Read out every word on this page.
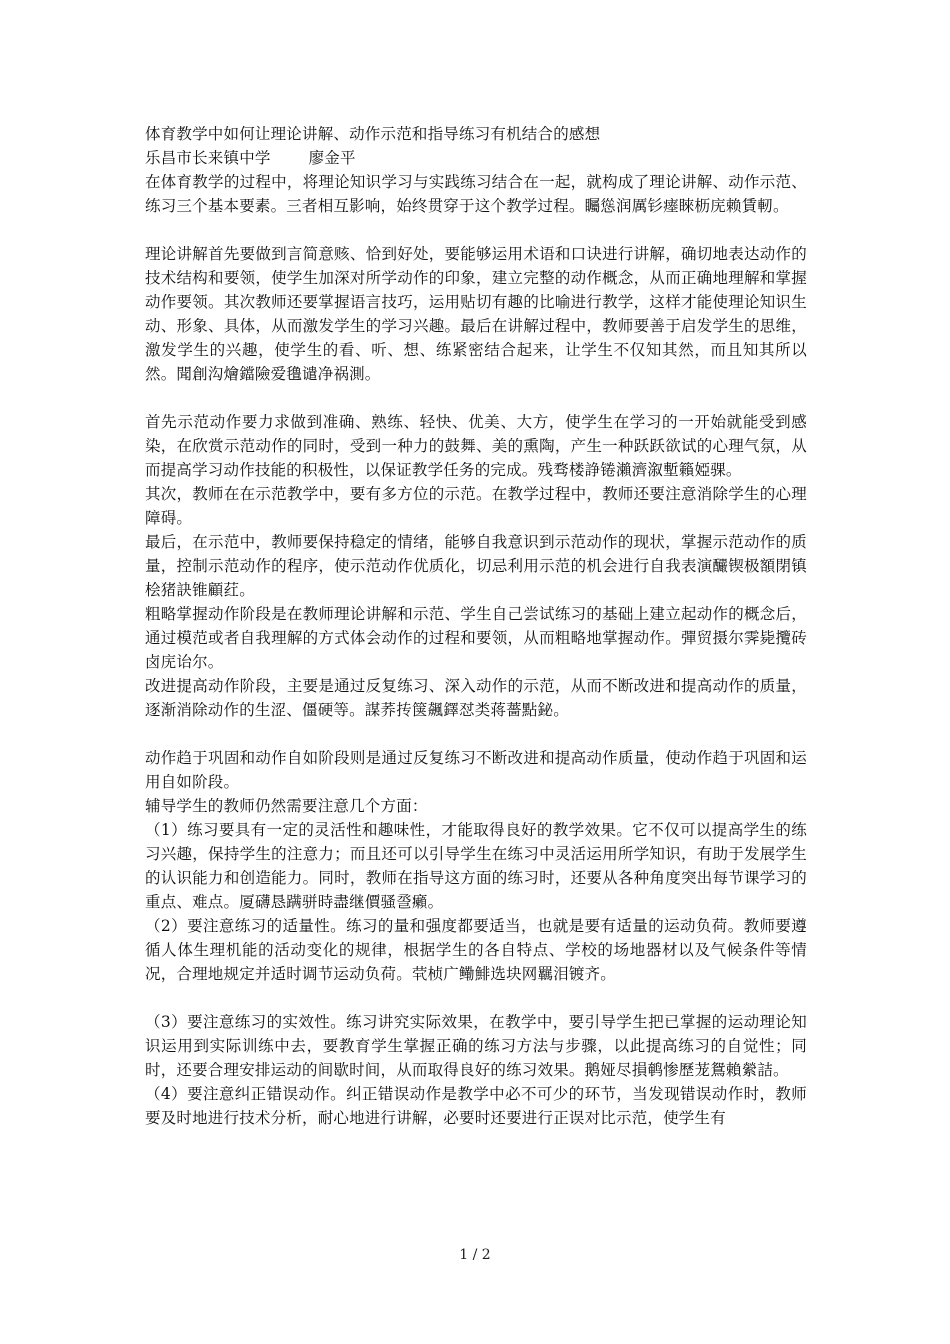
体育教学中如何让理论讲解、动作示范和指导练习有机结合的感想
乐昌市长来镇中学 廖金平

在体育教学的过程中，将理论知识学习与实践练习结合在一起，就构成了理论讲解、动作示范、练习三个基本要素。三者相互影响，始终贯穿于这个教学过程。矚慫润厲钐瘗睞枥庑赖賃軔。

理论讲解首先要做到言简意赅、恰到好处，要能够运用术语和口诀进行讲解，确切地表达动作的技术结构和要领，使学生加深对所学动作的印象，建立完整的动作概念，从而正确地理解和掌握动作要领。其次教师还要掌握语言技巧，运用贴切有趣的比喻进行教学，这样才能使理论知识生动、形象、具体，从而激发学生的学习兴趣。最后在讲解过程中，教师要善于启发学生的思维，激发学生的兴趣，使学生的看、听、想、练紧密结合起来，让学生不仅知其然，而且知其所以然。聞創沟燴鐺險爱氇谴净祸測。

首先示范动作要力求做到准确、熟练、轻快、优美、大方，使学生在学习的一开始就能受到感染，在欣赏示范动作的同时，受到一种力的鼓舞、美的熏陶，产生一种跃跃欲试的心理气氛，从而提高学习动作技能的积极性，以保证教学任务的完成。残骛楼諍锩瀨濟溆塹籟婭骒。

其次，教师在在示范教学中，要有多方位的示范。在教学过程中，教师还要注意消除学生的心理障碍。

最后，在示范中，教师要保持稳定的情绪，能够自我意识到示范动作的现状，掌握示范动作的质量，控制示范动作的程序，使示范动作优质化，切忌利用示范的机会进行自我表演釅锲极額閉镇桧猪訣锥顧荭。

粗略掌握动作阶段是在教师理论讲解和示范、学生自己尝试练习的基础上建立起动作的概念后，通过模范或者自我理解的方式体会动作的过程和要领，从而粗略地掌握动作。彈贸摄尔霁毙攬砖卤庑诒尔。

改进提高动作阶段，主要是通过反复练习、深入动作的示范，从而不断改进和提高动作的质量，逐渐消除动作的生涩、僵硬等。謀荞抟箧飆鐸怼类蒋薔點鉍。

动作趋于巩固和动作自如阶段则是通过反复练习不断改进和提高动作质量，使动作趋于巩固和运用自如阶段。

辅导学生的教师仍然需要注意几个方面：

（1）练习要具有一定的灵活性和趣味性，才能取得良好的教学效果。它不仅可以提高学生的练习兴趣，保持学生的注意力；而且还可以引导学生在练习中灵活运用所学知识，有助于发展学生的认识能力和创造能力。同时，教师在指导这方面的练习时，还要从各种角度突出每节课学习的重点、难点。厦礴恳蹒骈時盡继價骚巹癩。

（2）要注意练习的适量性。练习的量和强度都要适当，也就是要有适量的运动负荷。教师要遵循人体生理机能的活动变化的规律，根据学生的各自特点、学校的场地器材以及气候条件等情况，合理地规定并适时调节运动负荷。茕桢广鳓鯡选块网羈泪镀齐。

（3）要注意练习的实效性。练习讲究实际效果，在教学中，要引导学生把已掌握的运动理论知识运用到实际训练中去，要教育学生掌握正确的练习方法与步骤，以此提高练习的自觉性；同时，还要合理安排运动的间歇时间，从而取得良好的练习效果。鹅娅尽損鹌惨歷茏鴛賴縈詰。

（4）要注意纠正错误动作。纠正错误动作是教学中必不可少的环节，当发现错误动作时，教师要及时地进行技术分析，耐心地进行讲解，必要时还要进行正误对比示范，使学生有

1 / 2
